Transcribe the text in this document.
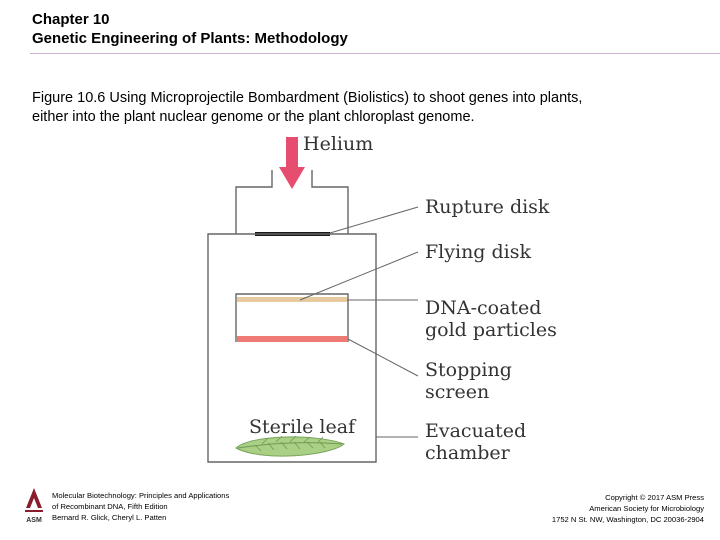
Chapter 10
Genetic Engineering of Plants: Methodology
Figure 10.6 Using Microprojectile Bombardment (Biolistics) to shoot genes into plants,
either into the plant nuclear genome or the plant chloroplast genome.
Helium
Rupture disk
Flying disk
DNA-coated
gold particles
Stopping
screen
Sterile leaf	Evacuated
chamber
ASM
Molecular Biotechnology: Principles and Applications
of Recombinant DNA, Fifth Edition
Bernard R. Glick, Cheryl L. Patten
Copyright © 2017 ASM Press
American Society for Microbiology
1752 N St. NW, Washington, DC 20036-2904
